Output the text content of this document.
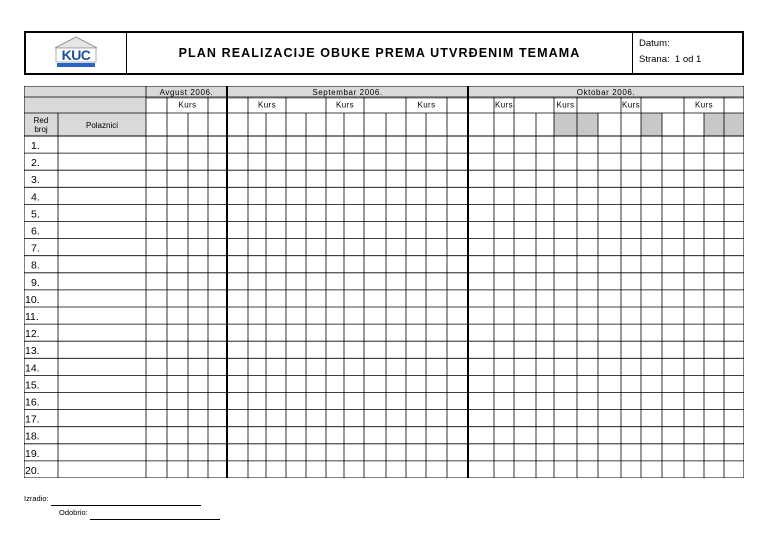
KUC	PLAN REALIZACIJE OBUKE PREMA UTVRĐENIM TEMAMA
Datum:
Strana: 1 od 1
Avgust 2006.	Septembar 2006.	Oktobar 2006.
Kurs	Kurs	Kurs	Kurs	Kurs	Kurs	Kurs	Kurs
Red
broj	Polaznici
1.
2.
3.
4.
5.
6.
7.
8.
9.
10.
11.
12.
13.
14.
15.
16.
17.
18.
19.
20.
Izradio:
Odobrio:
